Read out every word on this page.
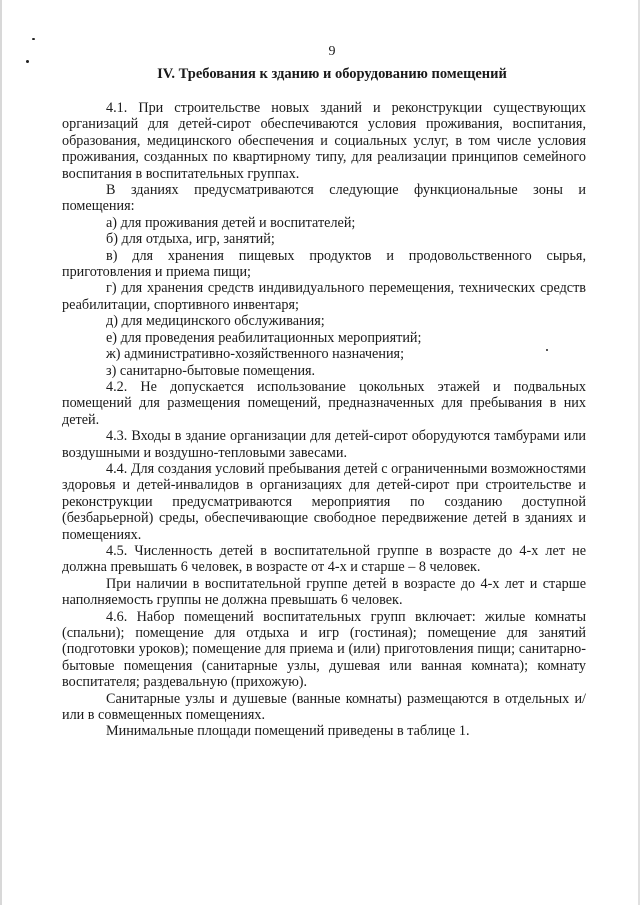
9
IV. Требования к зданию и оборудованию помещений

4.1. При строительстве новых зданий и реконструкции существующих организаций для детей-сирот обеспечиваются условия проживания, воспитания, образования, медицинского обеспечения и социальных услуг, в том числе условия проживания, созданных по квартирному типу, для реализации принципов семейного воспитания в воспитательных группах.

В зданиях предусматриваются следующие функциональные зоны и помещения:

а) для проживания детей и воспитателей;

б) для отдыха, игр, занятий;

в) для хранения пищевых продуктов и продовольственного сырья, приготовления и приема пищи;

г) для хранения средств индивидуального перемещения, технических средств реабилитации, спортивного инвентаря;

д) для медицинского обслуживания;

е) для проведения реабилитационных мероприятий;

ж) административно-хозяйственного назначения;

з) санитарно-бытовые помещения.

4.2. Не допускается использование цокольных этажей и подвальных помещений для размещения помещений, предназначенных для пребывания в них детей.

4.3. Входы в здание организации для детей-сирот оборудуются тамбурами или воздушными и воздушно-тепловыми завесами.

4.4. Для создания условий пребывания детей с ограниченными возможностями здоровья и детей-инвалидов в организациях для детей-сирот при строительстве и реконструкции предусматриваются мероприятия по созданию доступной (безбарьерной) среды, обеспечивающие свободное передвижение детей в зданиях и помещениях.

4.5. Численность детей в воспитательной группе в возрасте до 4-х лет не должна превышать 6 человек, в возрасте от 4-х и старше – 8 человек.

При наличии в воспитательной группе детей в возрасте до 4-х лет и старше наполняемость группы не должна превышать 6 человек.

4.6. Набор помещений воспитательных групп включает: жилые комнаты (спальни); помещение для отдыха и игр (гостиная); помещение для занятий (подготовки уроков); помещение для приема и (или) приготовления пищи; санитарно-бытовые помещения (санитарные узлы, душевая или ванная комната); комнату воспитателя; раздевальную (прихожую).

Санитарные узлы и душевые (ванные комнаты) размещаются в отдельных и/ или в совмещенных помещениях.

Минимальные площади помещений приведены в таблице 1.
